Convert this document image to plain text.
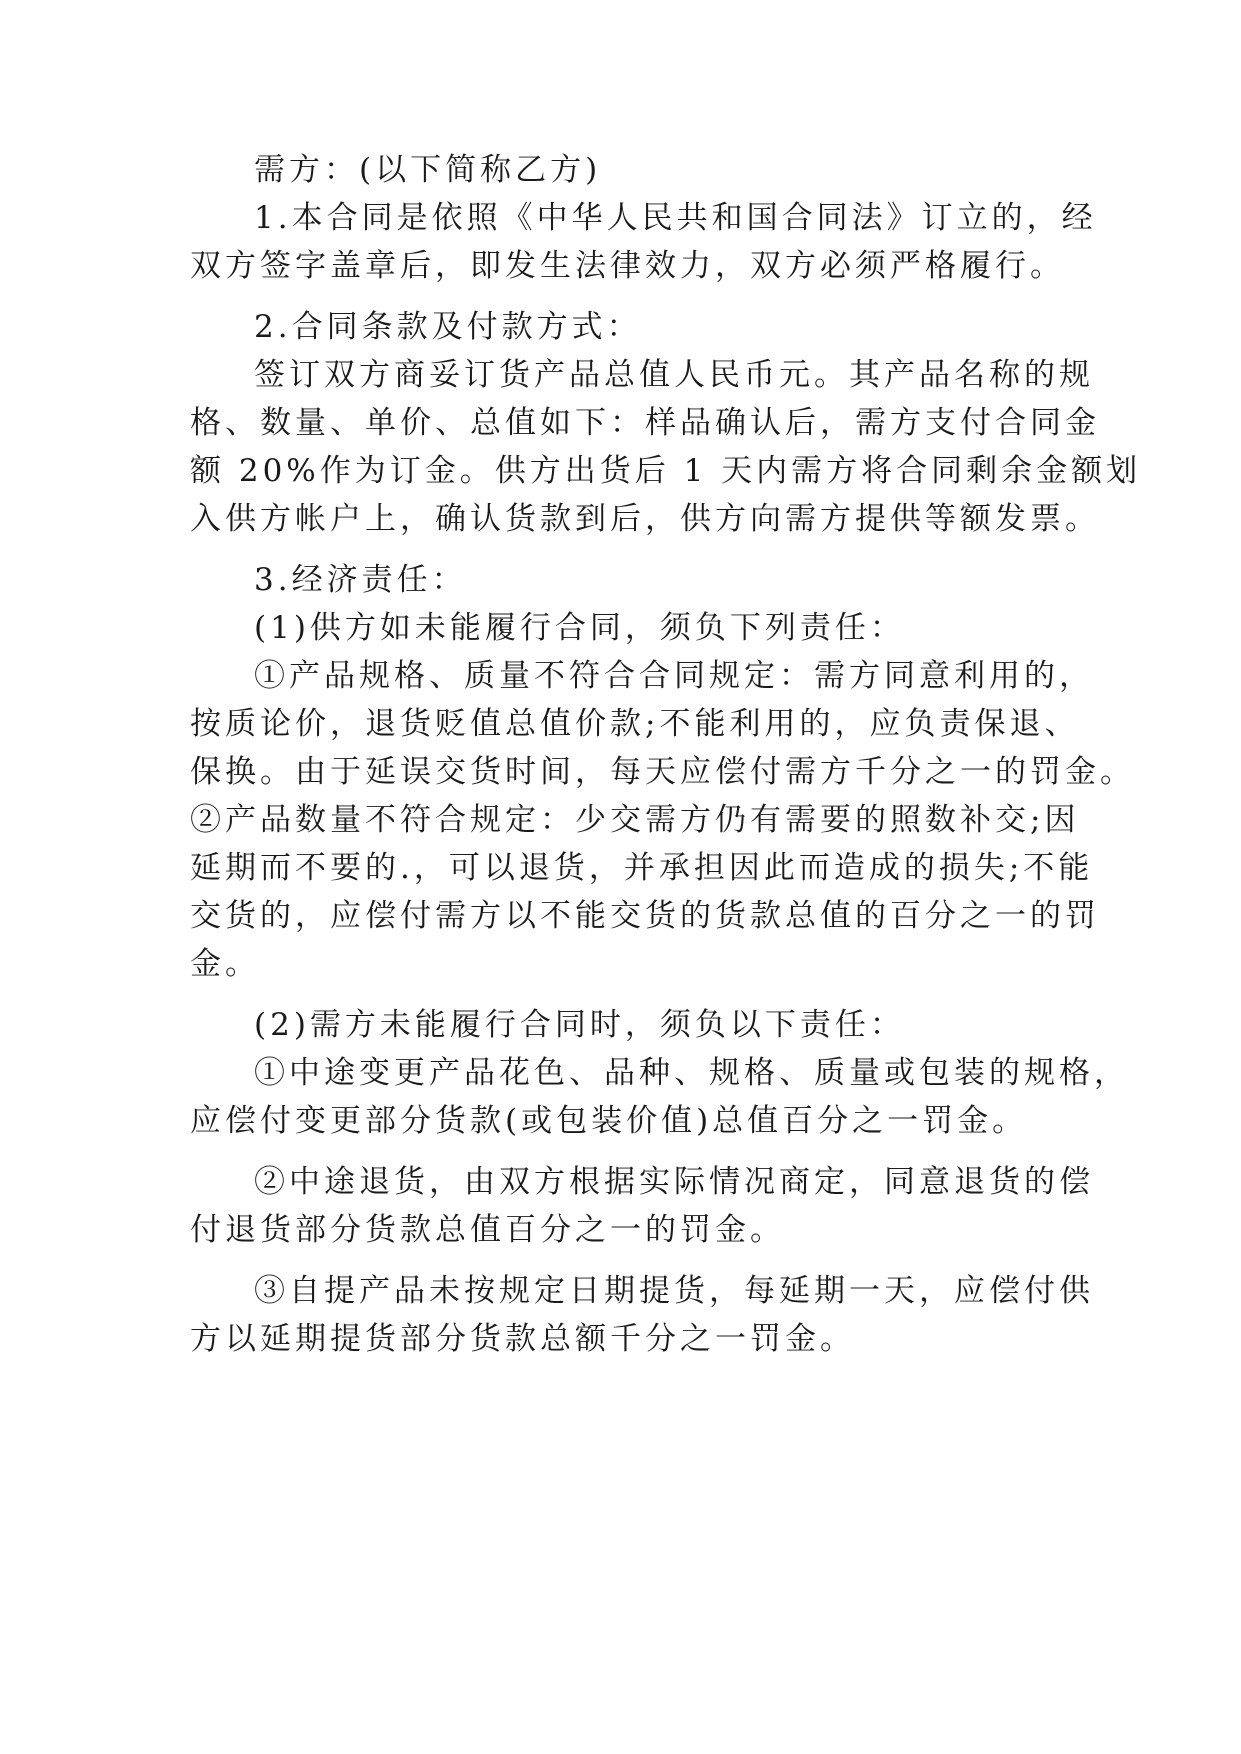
需方：(以下简称乙方)
1.本合同是依照《中华人民共和国合同法》订立的，经
双方签字盖章后，即发生法律效力，双方必须严格履行。
2.合同条款及付款方式：
签订双方商妥订货产品总值人民币元。其产品名称的规
格、数量、单价、总值如下：样品确认后，需方支付合同金
额 20%作为订金。供方出货后 1 天内需方将合同剩余金额划
入供方帐户上，确认货款到后，供方向需方提供等额发票。
3.经济责任：
(1)供方如未能履行合同，须负下列责任：
①产品规格、质量不符合合同规定：需方同意利用的，
按质论价，退货贬值总值价款;不能利用的，应负责保退、
保换。由于延误交货时间，每天应偿付需方千分之一的罚金。
②产品数量不符合规定：少交需方仍有需要的照数补交;因
延期而不要的.，可以退货，并承担因此而造成的损失;不能
交货的，应偿付需方以不能交货的货款总值的百分之一的罚
金。
(2)需方未能履行合同时，须负以下责任：
①中途变更产品花色、品种、规格、质量或包装的规格，
应偿付变更部分货款(或包装价值)总值百分之一罚金。
②中途退货，由双方根据实际情况商定，同意退货的偿
付退货部分货款总值百分之一的罚金。
③自提产品未按规定日期提货，每延期一天，应偿付供
方以延期提货部分货款总额千分之一罚金。
